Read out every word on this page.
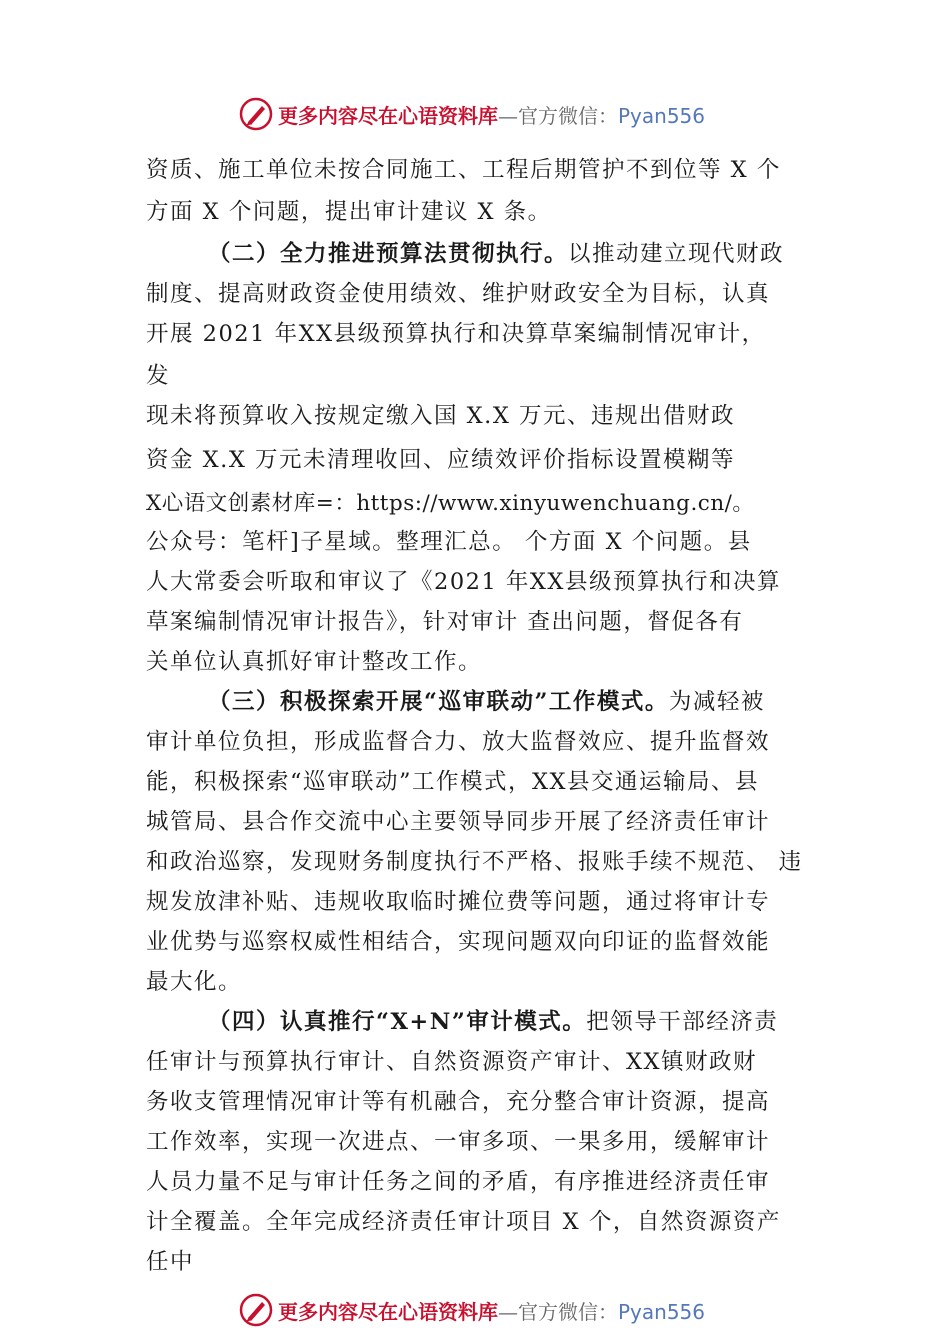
更多内容尽在心语资料库—官方微信：Pyan556
资质、施工单位未按合同施工、工程后期管护不到位等 X 个
方面 X 个问题，提出审计建议 X 条。
（二）全力推进预算法贯彻执行。以推动建立现代财政
制度、提高财政资金使用绩效、维护财政安全为目标，认真
开展 2021 年XX县级预算执行和决算草案编制情况审计，
发
现未将预算收入按规定缴入国 X.X 万元、违规出借财政
资金 X.X 万元未清理收回、应绩效评价指标设置模糊等
X心语文创素材库=：https://www.xinyuwenchuang.cn/。
公众号：笔杆]子星域。整理汇总。 个方面 X 个问题。县
人大常委会听取和审议了《2021 年XX县级预算执行和决算
草案编制情况审计报告》，针对审计 查出问题，督促各有
关单位认真抓好审计整改工作。
（三）积极探索开展“巡审联动”工作模式。为减轻被
审计单位负担，形成监督合力、放大监督效应、提升监督效
能，积极探索“巡审联动”工作模式，XX县交通运输局、县
城管局、县合作交流中心主要领导同步开展了经济责任审计
和政治巡察，发现财务制度执行不严格、报账手续不规范、 违
规发放津补贴、违规收取临时摊位费等问题，通过将审计专
业优势与巡察权威性相结合，实现问题双向印证的监督效能
最大化。
（四）认真推行“X+N”审计模式。把领导干部经济责
任审计与预算执行审计、自然资源资产审计、XX镇财政财
务收支管理情况审计等有机融合，充分整合审计资源，提高
工作效率，实现一次进点、一审多项、一果多用，缓解审计
人员力量不足与审计任务之间的矛盾，有序推进经济责任审
计全覆盖。全年完成经济责任审计项目 X 个，自然资源资产
任中
更多内容尽在心语资料库—官方微信：Pyan556
